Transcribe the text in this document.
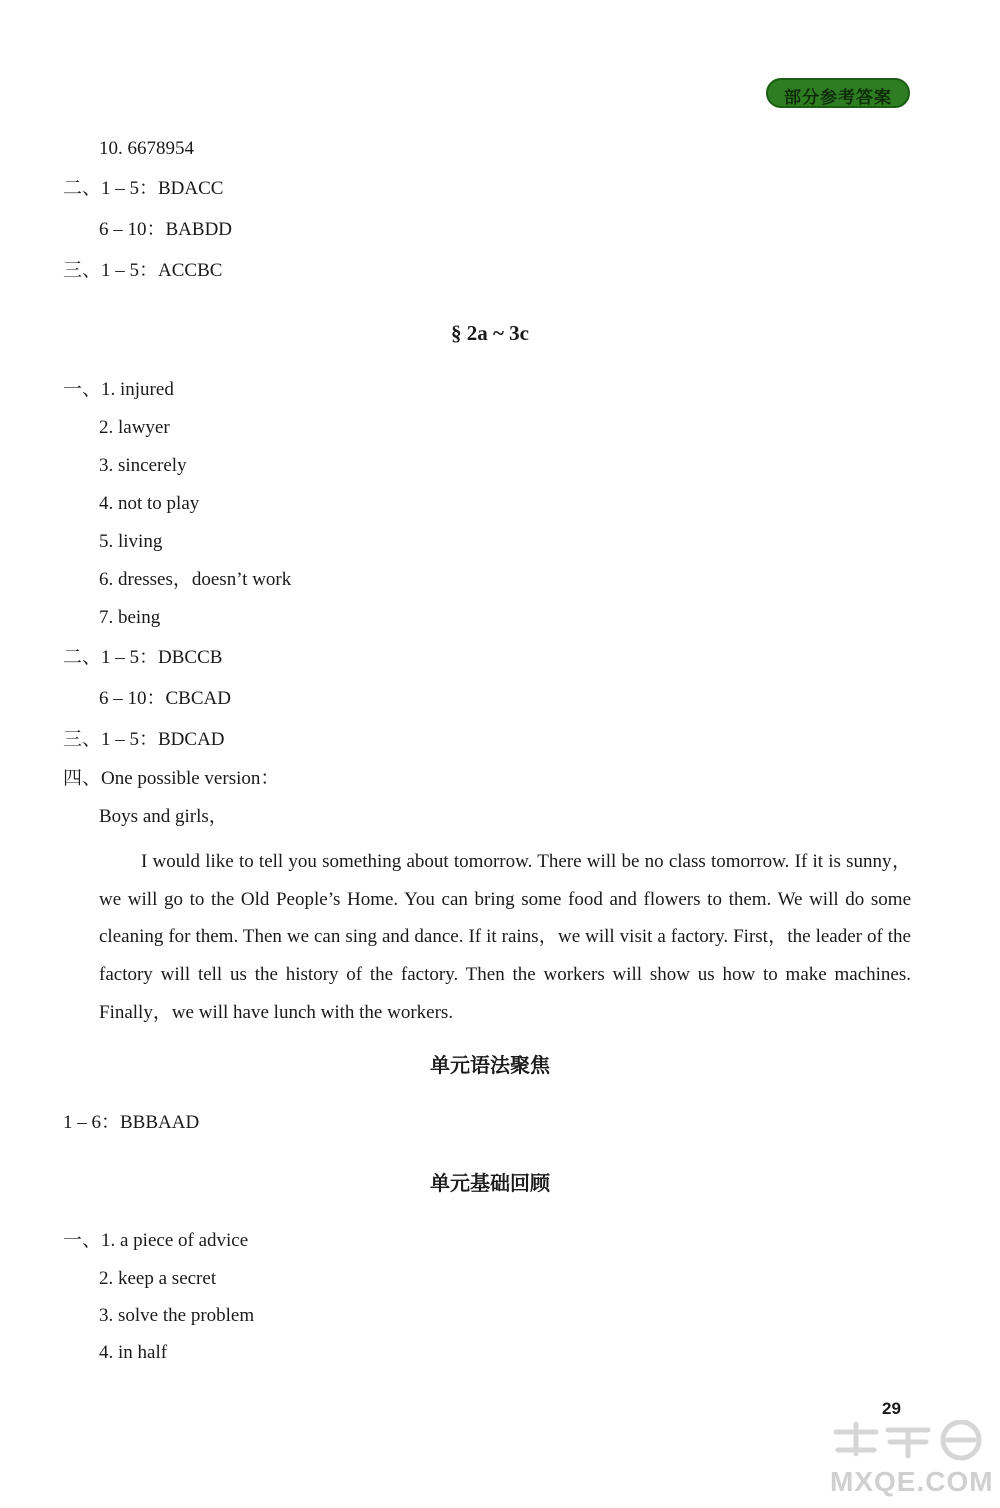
部分参考答案
10. 6678954
二、1 – 5：BDACC
6 – 10：BABDD
三、1 – 5：ACCBC
§ 2a ~ 3c
一、1. injured
2. lawyer
3. sincerely
4. not to play
5. living
6. dresses，doesn’t work
7. being
二、1 – 5：DBCCB
6 – 10：CBCAD
三、1 – 5：BDCAD
四、One possible version：
Boys and girls，
I would like to tell you something about tomorrow. There will be no class tomorrow. If it is sunny，we will go to the Old People’s Home. You can bring some food and flowers to them. We will do some cleaning for them. Then we can sing and dance. If it rains，we will visit a factory. First，the leader of the factory will tell us the history of the factory. Then the workers will show us how to make machines. Finally，we will have lunch with the workers.
单元语法聚焦
1 – 6：BBBAAD
单元基础回顾
一、1. a piece of advice
2. keep a secret
3. solve the problem
4. in half
29
MXQE.COM
